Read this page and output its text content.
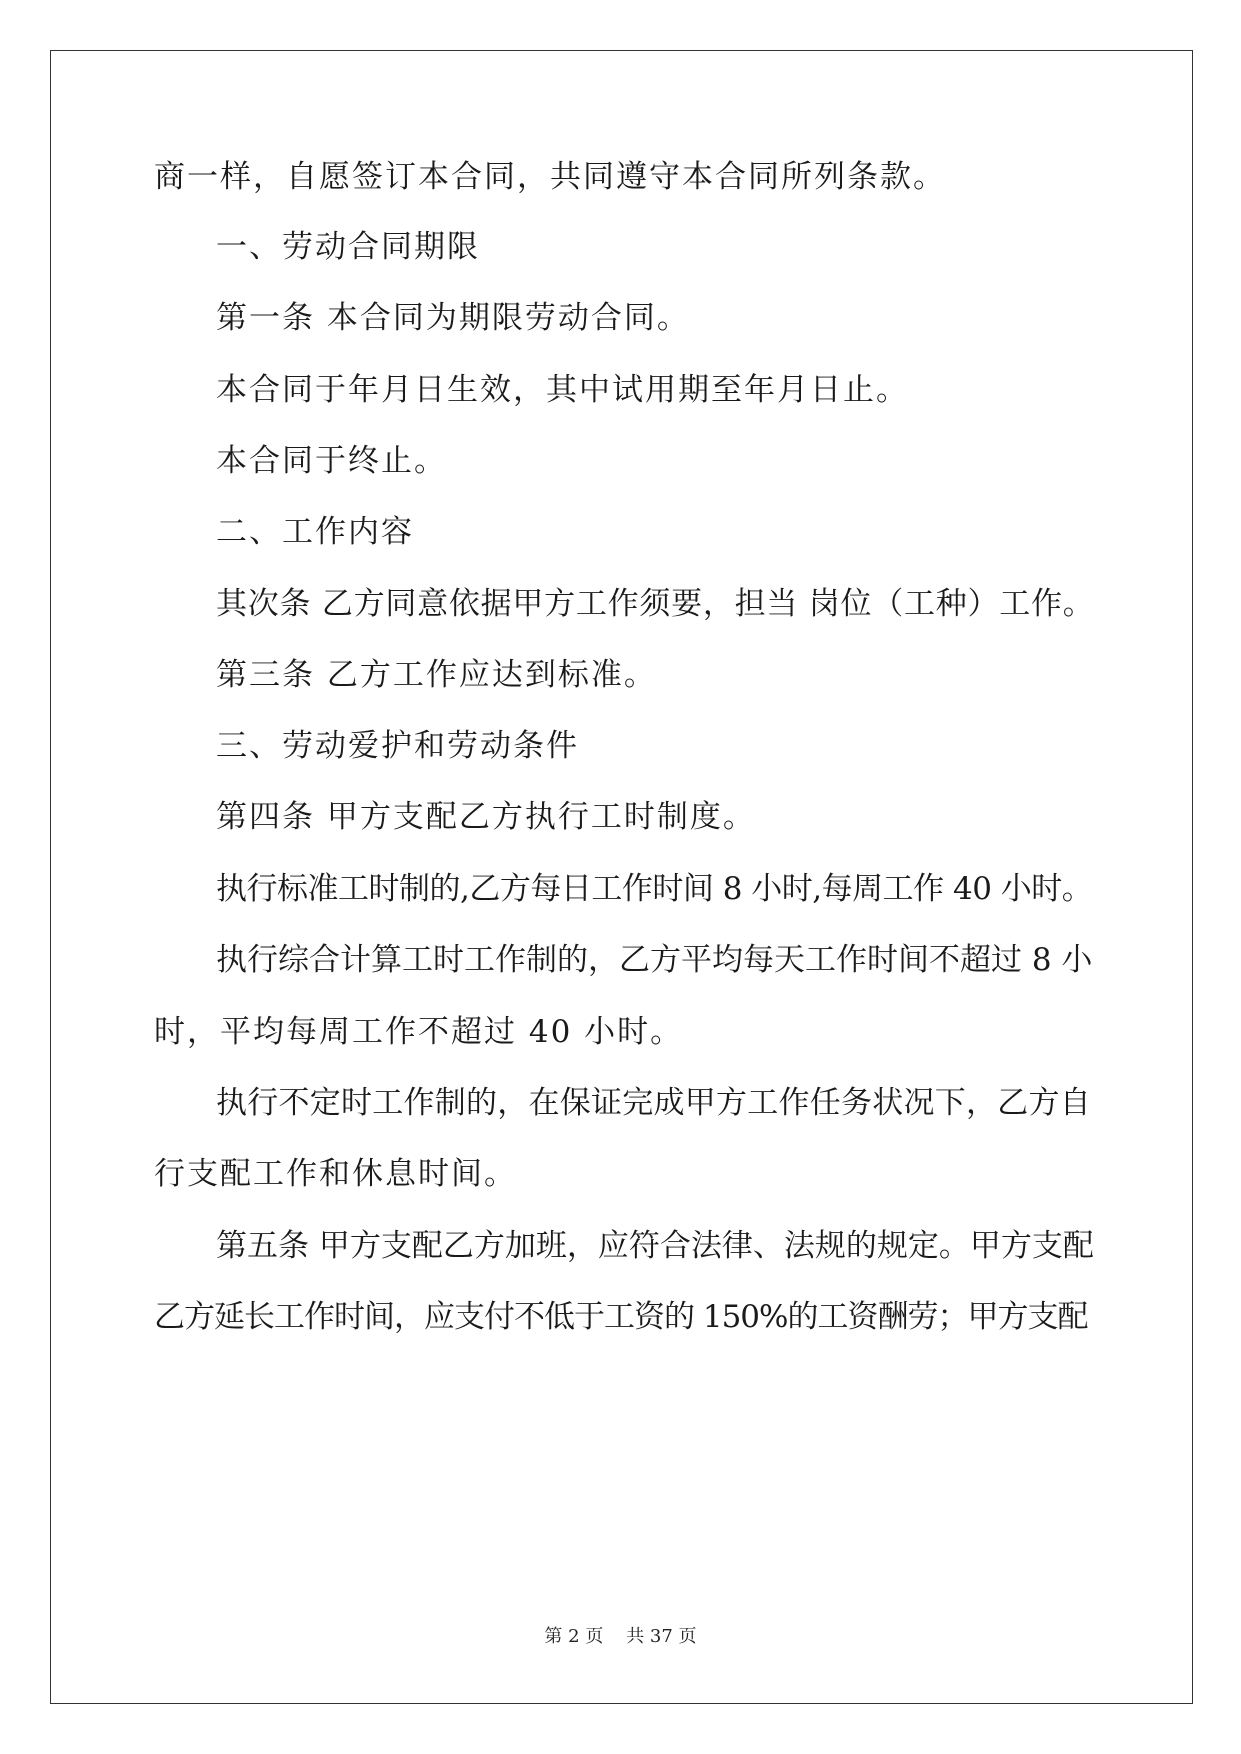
商一样，自愿签订本合同，共同遵守本合同所列条款。
一、劳动合同期限
第一条 本合同为期限劳动合同。
本合同于年月日生效，其中试用期至年月日止。
本合同于终止。
二、工作内容
其次条 乙方同意依据甲方工作须要，担当 岗位（工种）工作。
第三条 乙方工作应达到标准。
三、劳动爱护和劳动条件
第四条 甲方支配乙方执行工时制度。
执行标准工时制的,乙方每日工作时间 8 小时,每周工作 40 小时。
执行综合计算工时工作制的，乙方平均每天工作时间不超过 8 小
时，平均每周工作不超过 40 小时。
执行不定时工作制的，在保证完成甲方工作任务状况下，乙方自
行支配工作和休息时间。
第五条 甲方支配乙方加班，应符合法律、法规的规定。甲方支配
乙方延长工作时间，应支付不低于工资的 150%的工资酬劳；甲方支配
第 2 页    共 37 页
